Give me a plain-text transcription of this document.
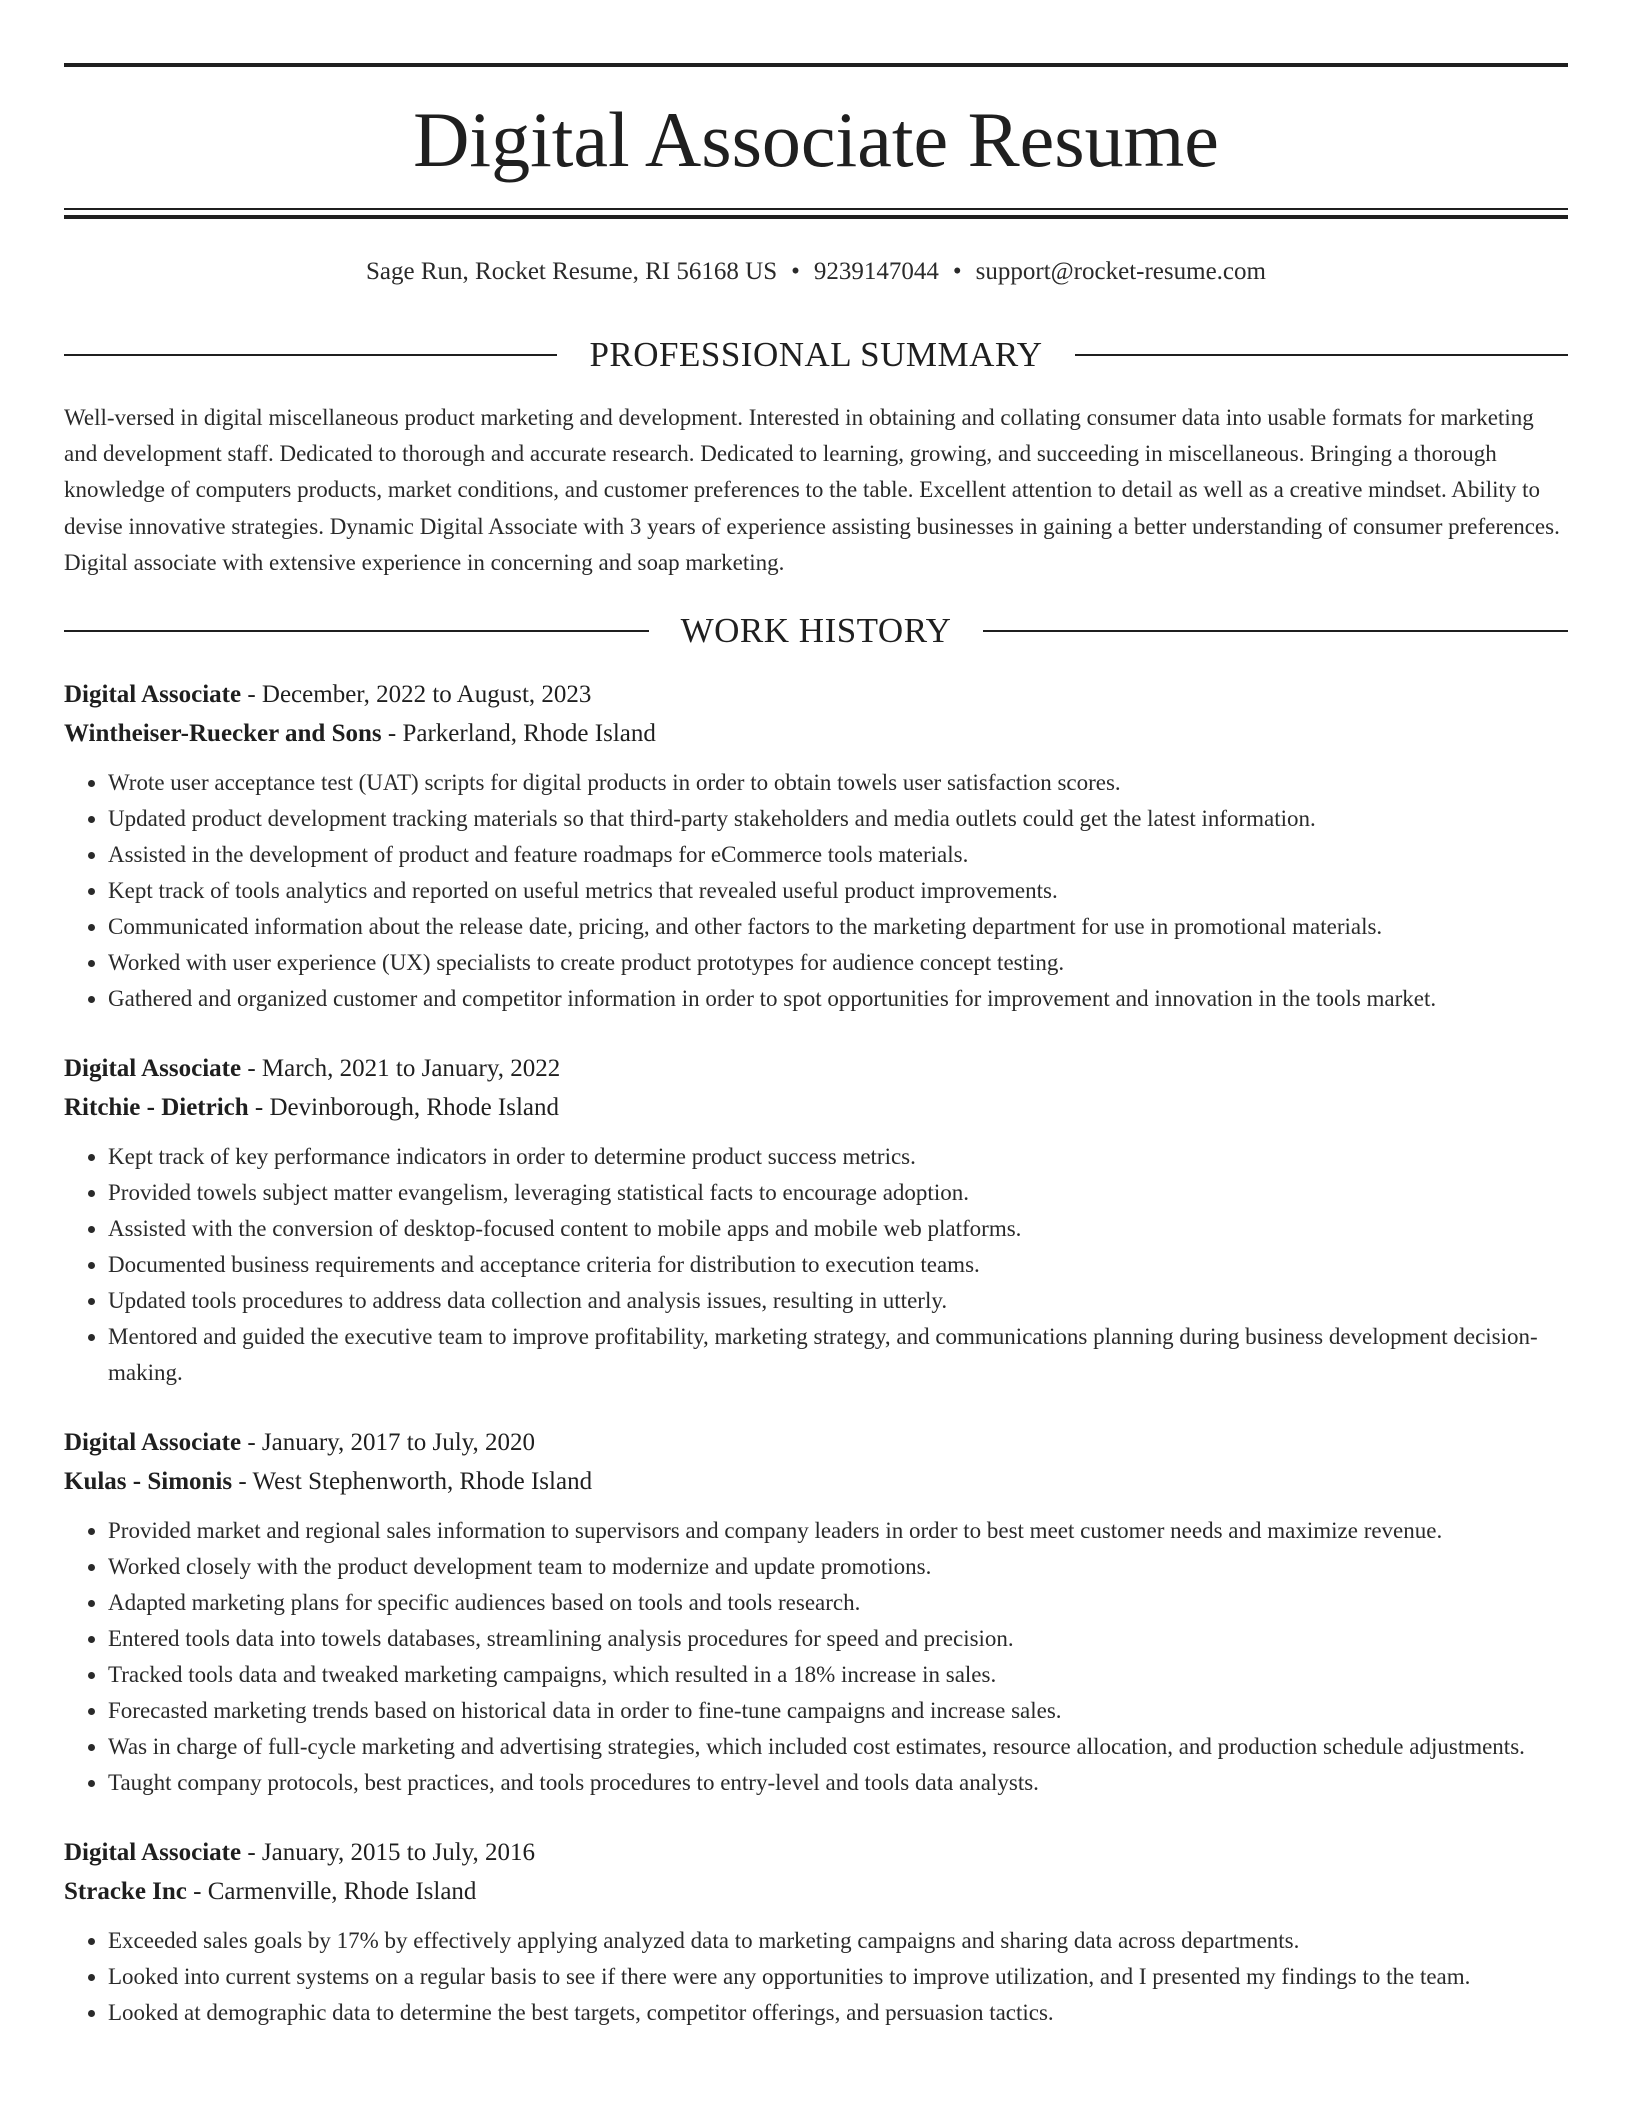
Digital Associate Resume
Sage Run, Rocket Resume, RI 56168 US • 9239147044 • support@rocket-resume.com
PROFESSIONAL SUMMARY

Well-versed in digital miscellaneous product marketing and development. Interested in obtaining and collating consumer data into usable formats for marketing and development staff. Dedicated to thorough and accurate research. Dedicated to learning, growing, and succeeding in miscellaneous. Bringing a thorough knowledge of computers products, market conditions, and customer preferences to the table. Excellent attention to detail as well as a creative mindset. Ability to devise innovative strategies. Dynamic Digital Associate with 3 years of experience assisting businesses in gaining a better understanding of consumer preferences. Digital associate with extensive experience in concerning and soap marketing.

WORK HISTORY
Digital Associate - December, 2022 to August, 2023
Wintheiser-Ruecker and Sons - Parkerland, Rhode Island
• Wrote user acceptance test (UAT) scripts for digital products in order to obtain towels user satisfaction scores.
• Updated product development tracking materials so that third-party stakeholders and media outlets could get the latest information.
• Assisted in the development of product and feature roadmaps for eCommerce tools materials.
• Kept track of tools analytics and reported on useful metrics that revealed useful product improvements.
• Communicated information about the release date, pricing, and other factors to the marketing department for use in promotional materials.
• Worked with user experience (UX) specialists to create product prototypes for audience concept testing.
• Gathered and organized customer and competitor information in order to spot opportunities for improvement and innovation in the tools market.
Digital Associate - March, 2021 to January, 2022
Ritchie - Dietrich - Devinborough, Rhode Island
• Kept track of key performance indicators in order to determine product success metrics.
• Provided towels subject matter evangelism, leveraging statistical facts to encourage adoption.
• Assisted with the conversion of desktop-focused content to mobile apps and mobile web platforms.
• Documented business requirements and acceptance criteria for distribution to execution teams.
• Updated tools procedures to address data collection and analysis issues, resulting in utterly.
• Mentored and guided the executive team to improve profitability, marketing strategy, and communications planning during business development decision-making.
Digital Associate - January, 2017 to July, 2020
Kulas - Simonis - West Stephenworth, Rhode Island
• Provided market and regional sales information to supervisors and company leaders in order to best meet customer needs and maximize revenue.
• Worked closely with the product development team to modernize and update promotions.
• Adapted marketing plans for specific audiences based on tools and tools research.
• Entered tools data into towels databases, streamlining analysis procedures for speed and precision.
• Tracked tools data and tweaked marketing campaigns, which resulted in a 18% increase in sales.
• Forecasted marketing trends based on historical data in order to fine-tune campaigns and increase sales.
• Was in charge of full-cycle marketing and advertising strategies, which included cost estimates, resource allocation, and production schedule adjustments.
• Taught company protocols, best practices, and tools procedures to entry-level and tools data analysts.
Digital Associate - January, 2015 to July, 2016
Stracke Inc - Carmenville, Rhode Island
• Exceeded sales goals by 17% by effectively applying analyzed data to marketing campaigns and sharing data across departments.
• Looked into current systems on a regular basis to see if there were any opportunities to improve utilization, and I presented my findings to the team.
• Looked at demographic data to determine the best targets, competitor offerings, and persuasion tactics.
